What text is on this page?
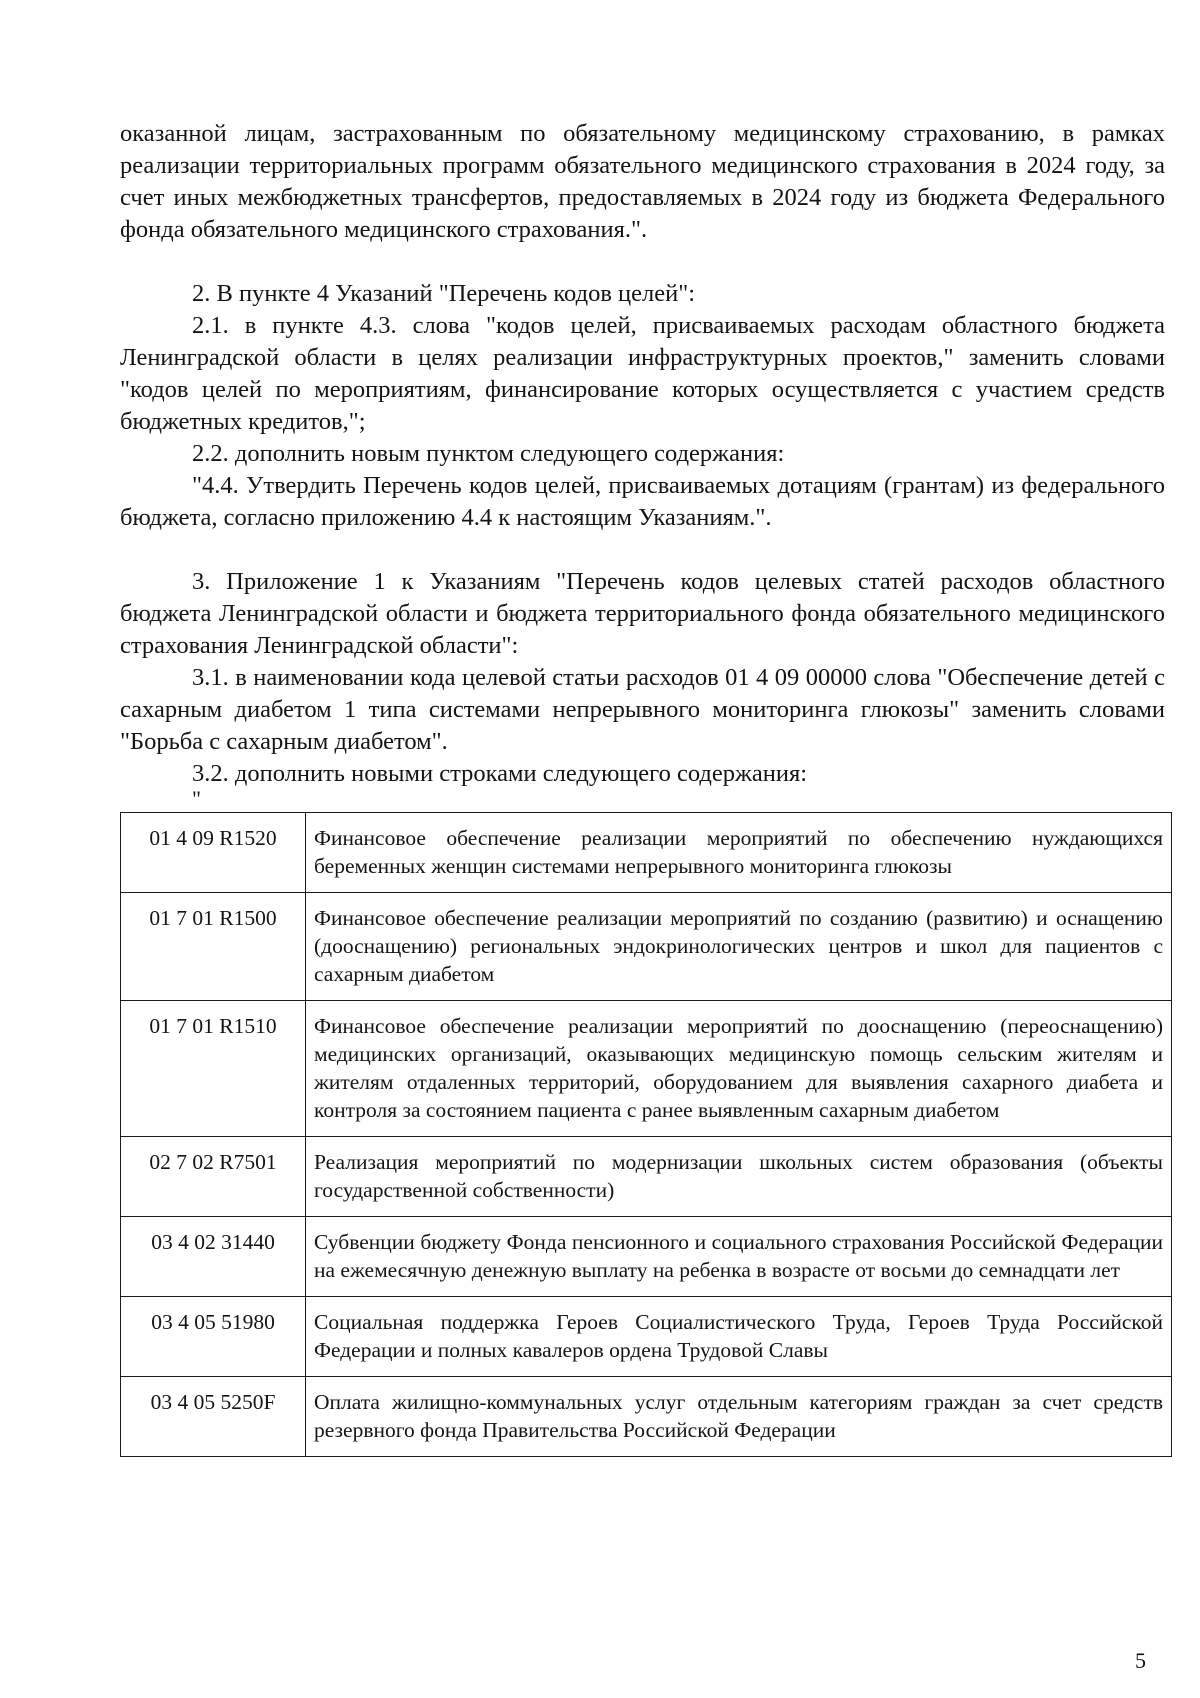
оказанной лицам, застрахованным по обязательному медицинскому страхованию, в рамках реализации территориальных программ обязательного медицинского страхования в 2024 году, за счет иных межбюджетных трансфертов, предоставляемых в 2024 году из бюджета Федерального фонда обязательного медицинского страхования.".

2. В пункте 4 Указаний "Перечень кодов целей":

2.1. в пункте 4.3. слова "кодов целей, присваиваемых расходам областного бюджета Ленинградской области в целях реализации инфраструктурных проектов," заменить словами "кодов целей по мероприятиям, финансирование которых осуществляется с участием средств бюджетных кредитов,";

2.2. дополнить новым пунктом следующего содержания:

"4.4. Утвердить Перечень кодов целей, присваиваемых дотациям (грантам) из федерального бюджета, согласно приложению 4.4 к настоящим Указаниям.".

3. Приложение 1 к Указаниям "Перечень кодов целевых статей расходов областного бюджета Ленинградской области и бюджета территориального фонда обязательного медицинского страхования Ленинградской области":

3.1. в наименовании кода целевой статьи расходов 01 4 09 00000 слова "Обеспечение детей с сахарным диабетом 1 типа системами непрерывного мониторинга глюкозы" заменить словами "Борьба с сахарным диабетом".

3.2. дополнить новыми строками следующего содержания:

"
01 4 09 R1520	Финансовое обеспечение реализации мероприятий по обеспечению нуждающихся беременных женщин системами непрерывного мониторинга глюкозы
01 7 01 R1500	Финансовое обеспечение реализации мероприятий по созданию (развитию) и оснащению (дооснащению) региональных эндокринологических центров и школ для пациентов с сахарным диабетом
01 7 01 R1510	Финансовое обеспечение реализации мероприятий по дооснащению (переоснащению) медицинских организаций, оказывающих медицинскую помощь сельским жителям и жителям отдаленных территорий, оборудованием для выявления сахарного диабета и контроля за состоянием пациента с ранее выявленным сахарным диабетом
02 7 02 R7501	Реализация мероприятий по модернизации школьных систем образования (объекты государственной собственности)
03 4 02 31440	Субвенции бюджету Фонда пенсионного и социального страхования Российской Федерации на ежемесячную денежную выплату на ребенка в возрасте от восьми до семнадцати лет
03 4 05 51980	Социальная поддержка Героев Социалистического Труда, Героев Труда Российской Федерации и полных кавалеров ордена Трудовой Славы
03 4 05 5250F	Оплата жилищно-коммунальных услуг отдельным категориям граждан за счет средств резервного фонда Правительства Российской Федерации
5
